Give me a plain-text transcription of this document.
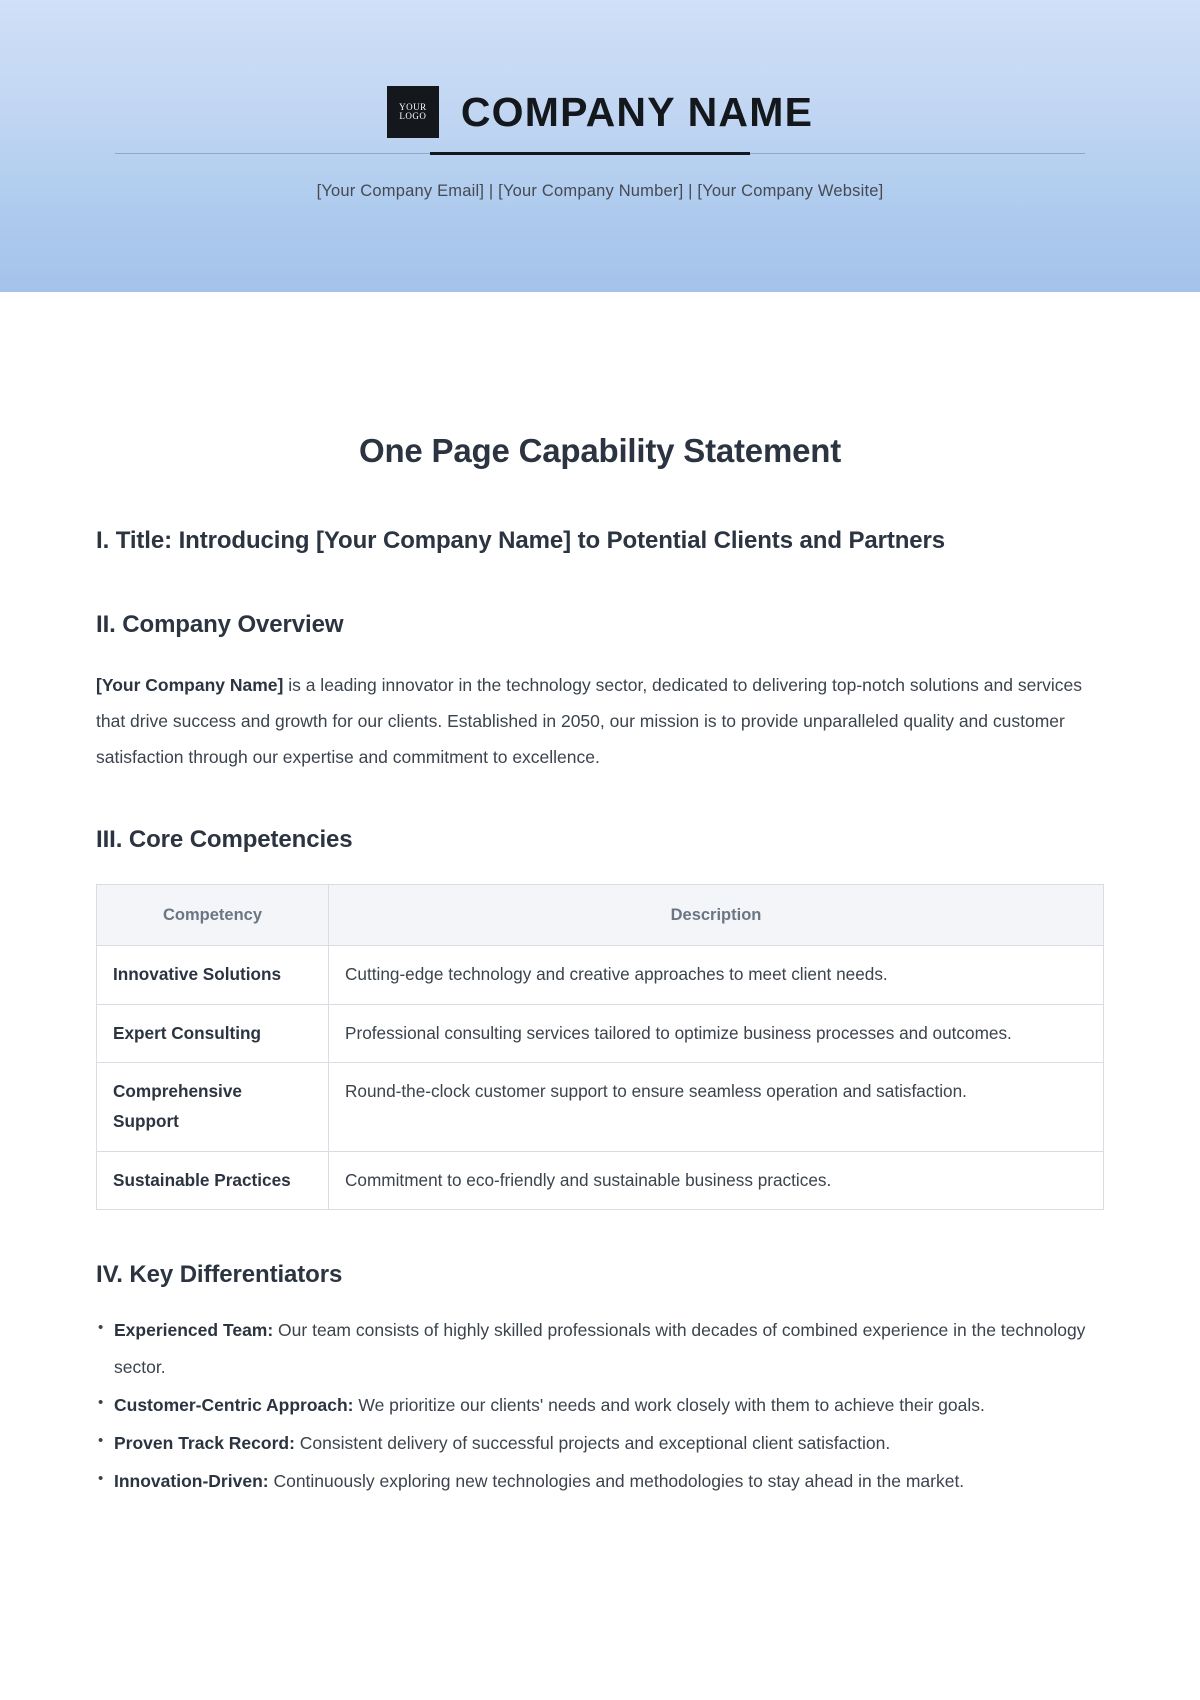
YOUR
LOGO COMPANY NAME
[Your Company Email] | [Your Company Number] | [Your Company Website]
One Page Capability Statement
I. Title: Introducing [Your Company Name] to Potential Clients and Partners
II. Company Overview

[Your Company Name] is a leading innovator in the technology sector, dedicated to delivering top-notch solutions and services that drive success and growth for our clients. Established in 2050, our mission is to provide unparalleled quality and customer satisfaction through our expertise and commitment to excellence.

III. Core Competencies
Competency	Description
Innovative Solutions	Cutting-edge technology and creative approaches to meet client needs.
Expert Consulting	Professional consulting services tailored to optimize business processes and outcomes.
Comprehensive Support	Round-the-clock customer support to ensure seamless operation and satisfaction.
Sustainable Practices	Commitment to eco-friendly and sustainable business practices.
IV. Key Differentiators
• Experienced Team: Our team consists of highly skilled professionals with decades of combined experience in the technology sector.
• Customer-Centric Approach: We prioritize our clients' needs and work closely with them to achieve their goals.
• Proven Track Record: Consistent delivery of successful projects and exceptional client satisfaction.
• Innovation-Driven: Continuously exploring new technologies and methodologies to stay ahead in the market.
